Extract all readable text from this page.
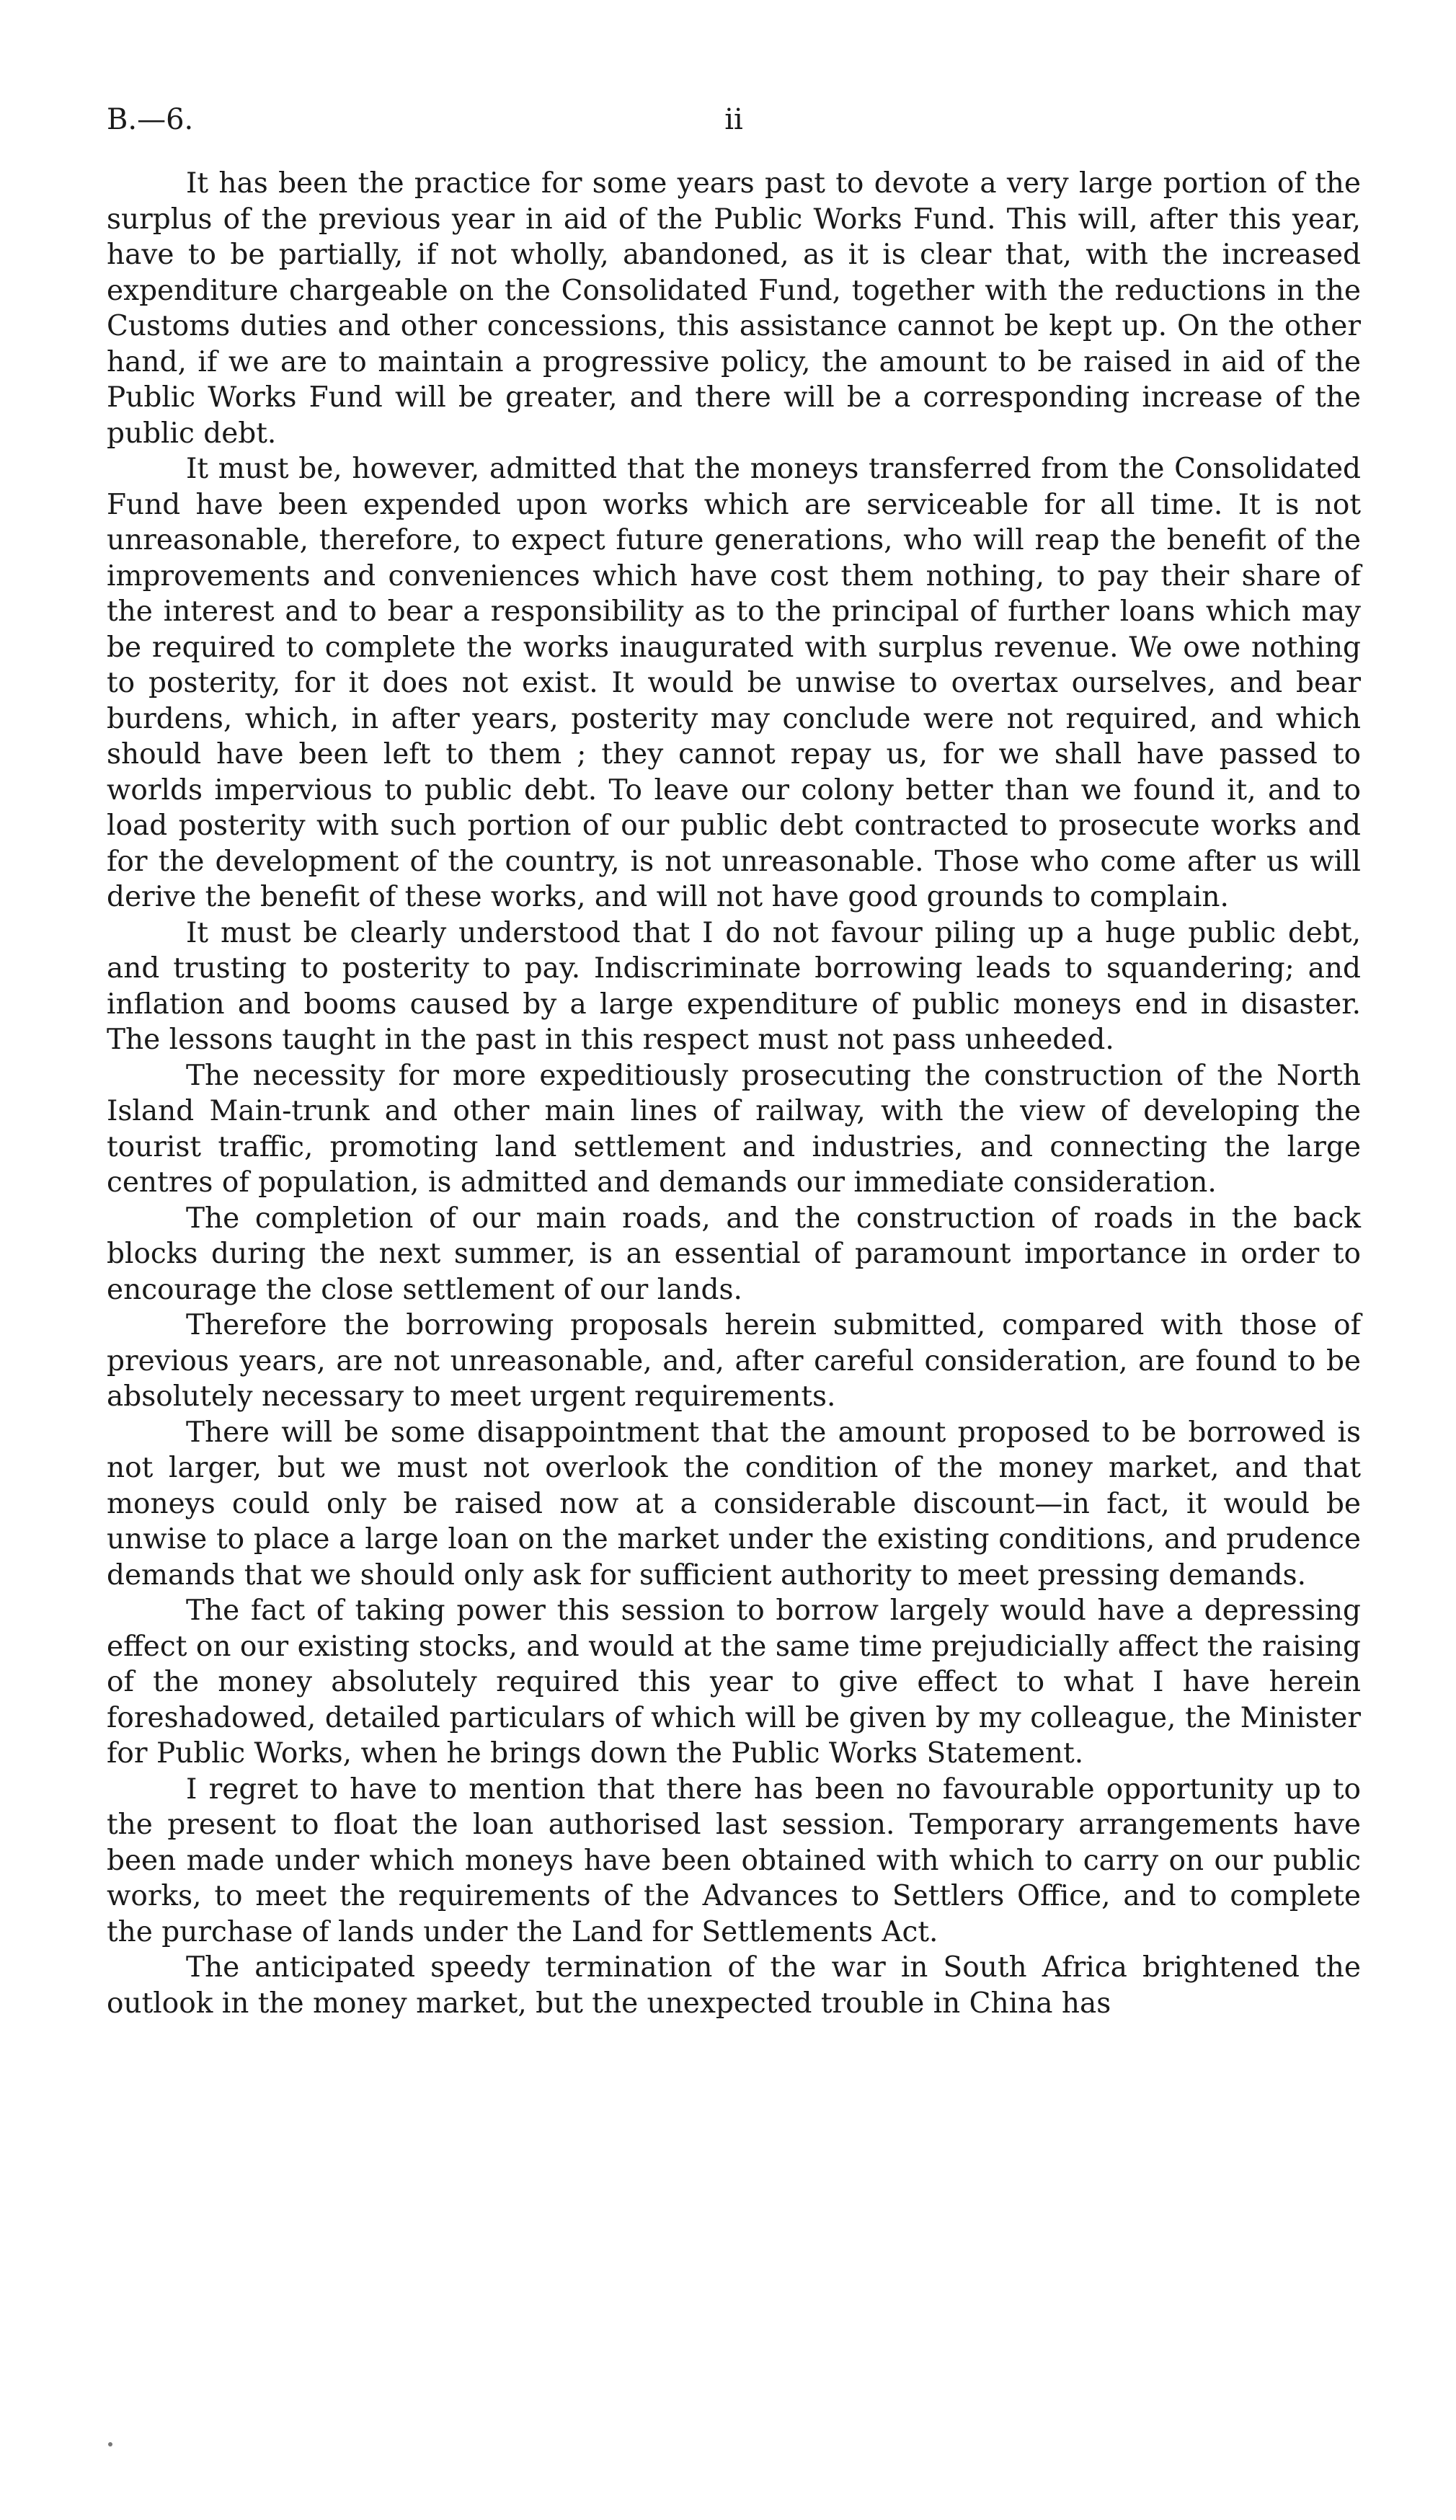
B.—6.	ii

It has been the practice for some years past to devote a very large portion of the surplus of the previous year in aid of the Public Works Fund. This will, after this year, have to be partially, if not wholly, abandoned, as it is clear that, with the increased expenditure chargeable on the Consolidated Fund, together with the reductions in the Customs duties and other concessions, this assistance cannot be kept up. On the other hand, if we are to maintain a progressive policy, the amount to be raised in aid of the Public Works Fund will be greater, and there will be a corresponding increase of the public debt.

It must be, however, admitted that the moneys transferred from the Consolidated Fund have been expended upon works which are serviceable for all time. It is not unreasonable, therefore, to expect future generations, who will reap the benefit of the improvements and conveniences which have cost them nothing, to pay their share of the interest and to bear a responsibility as to the principal of further loans which may be required to complete the works inaugurated with surplus revenue. We owe nothing to posterity, for it does not exist. It would be unwise to overtax ourselves, and bear burdens, which, in after years, posterity may conclude were not required, and which should have been left to them ; they cannot repay us, for we shall have passed to worlds impervious to public debt. To leave our colony better than we found it, and to load posterity with such portion of our public debt contracted to prosecute works and for the development of the country, is not unreasonable. Those who come after us will derive the benefit of these works, and will not have good grounds to complain.

It must be clearly understood that I do not favour piling up a huge public debt, and trusting to posterity to pay. Indiscriminate borrowing leads to squandering; and inflation and booms caused by a large expenditure of public moneys end in disaster. The lessons taught in the past in this respect must not pass unheeded.

The necessity for more expeditiously prosecuting the construction of the North Island Main-trunk and other main lines of railway, with the view of developing the tourist traffic, promoting land settlement and industries, and connecting the large centres of population, is admitted and demands our immediate consideration.

The completion of our main roads, and the construction of roads in the back blocks during the next summer, is an essential of paramount importance in order to encourage the close settlement of our lands.

Therefore the borrowing proposals herein submitted, compared with those of previous years, are not unreasonable, and, after careful consideration, are found to be absolutely necessary to meet urgent requirements.

There will be some disappointment that the amount proposed to be borrowed is not larger, but we must not overlook the condition of the money market, and that moneys could only be raised now at a considerable discount—in fact, it would be unwise to place a large loan on the market under the existing conditions, and prudence demands that we should only ask for sufficient authority to meet pressing demands.

The fact of taking power this session to borrow largely would have a depressing effect on our existing stocks, and would at the same time prejudicially affect the raising of the money absolutely required this year to give effect to what I have herein foreshadowed, detailed particulars of which will be given by my colleague, the Minister for Public Works, when he brings down the Public Works Statement.

I regret to have to mention that there has been no favourable opportunity up to the present to float the loan authorised last session. Temporary arrangements have been made under which moneys have been obtained with which to carry on our public works, to meet the requirements of the Advances to Settlers Office, and to complete the purchase of lands under the Land for Settlements Act.

The anticipated speedy termination of the war in South Africa brightened the outlook in the money market, but the unexpected trouble in China has
